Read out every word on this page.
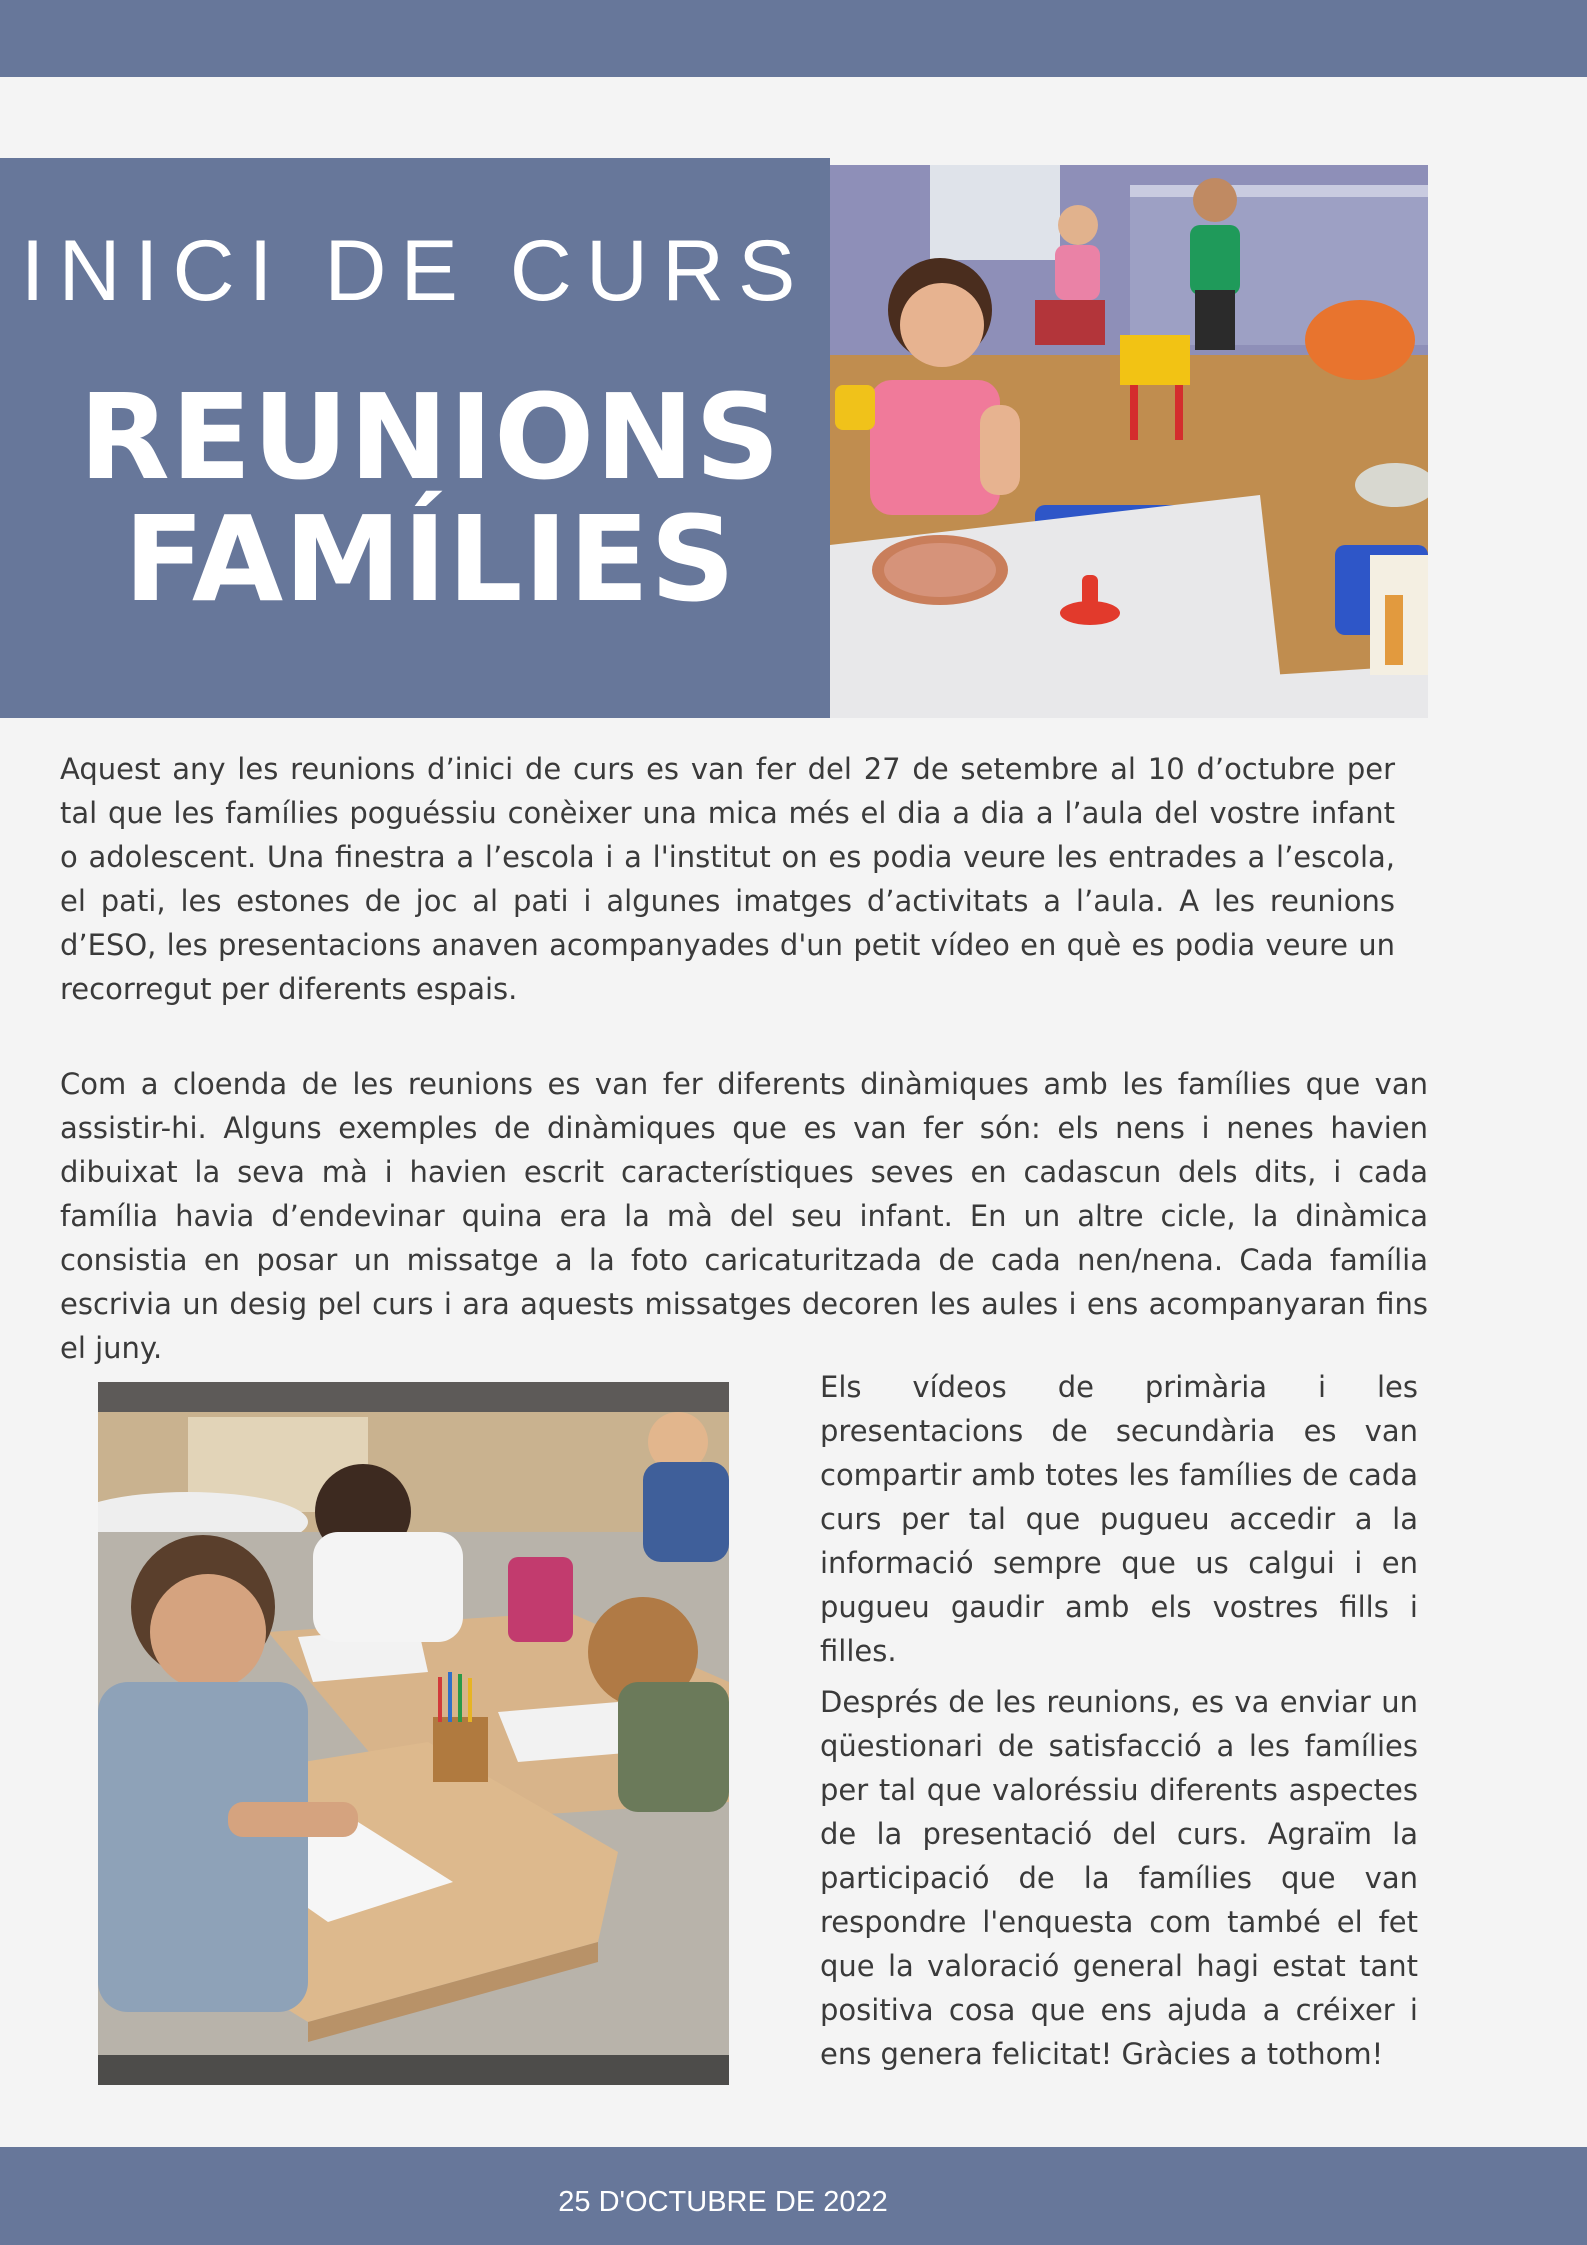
INICI DE CURS
REUNIONS
FAMÍLIES

Aquest any les reunions d’inici de curs es van fer del 27 de setembre al 10 d’octubre per tal que les famílies poguéssiu conèixer una mica més el dia a dia a l’aula del vostre infant o adolescent. Una finestra a l’escola i a l'institut on es podia veure les entrades a l’escola, el pati, les estones de joc al pati i algunes imatges d’activitats a l’aula. A les reunions d’ESO, les presentacions anaven acompanyades d'un petit vídeo en què es podia veure un recorregut per diferents espais.

Com a cloenda de les reunions es van fer diferents dinàmiques amb les famílies que van assistir-hi. Alguns exemples de dinàmiques que es van fer són: els nens i nenes havien dibuixat la seva mà i havien escrit característiques seves en cadascun dels dits, i cada família havia d’endevinar quina era la mà del seu infant. En un altre cicle, la dinàmica consistia en posar un missatge a la foto caricaturitzada de cada nen/nena. Cada família escrivia un desig pel curs i ara aquests missatges decoren les aules i ens acompanyaran fins el juny.

Els vídeos de primària i les presentacions de secundària es van compartir amb totes les famílies de cada curs per tal que pugueu accedir a la informació sempre que us calgui i en pugueu gaudir amb els vostres fills i filles.

Després de les reunions, es va enviar un qüestionari de satisfacció a les famílies per tal que valoréssiu diferents aspectes de la presentació del curs. Agraïm la participació de la famílies que van respondre l'enquesta com també el fet que la valoració general hagi estat tant positiva cosa que ens ajuda a créixer i ens genera felicitat! Gràcies a tothom!

25 D'OCTUBRE DE 2022
